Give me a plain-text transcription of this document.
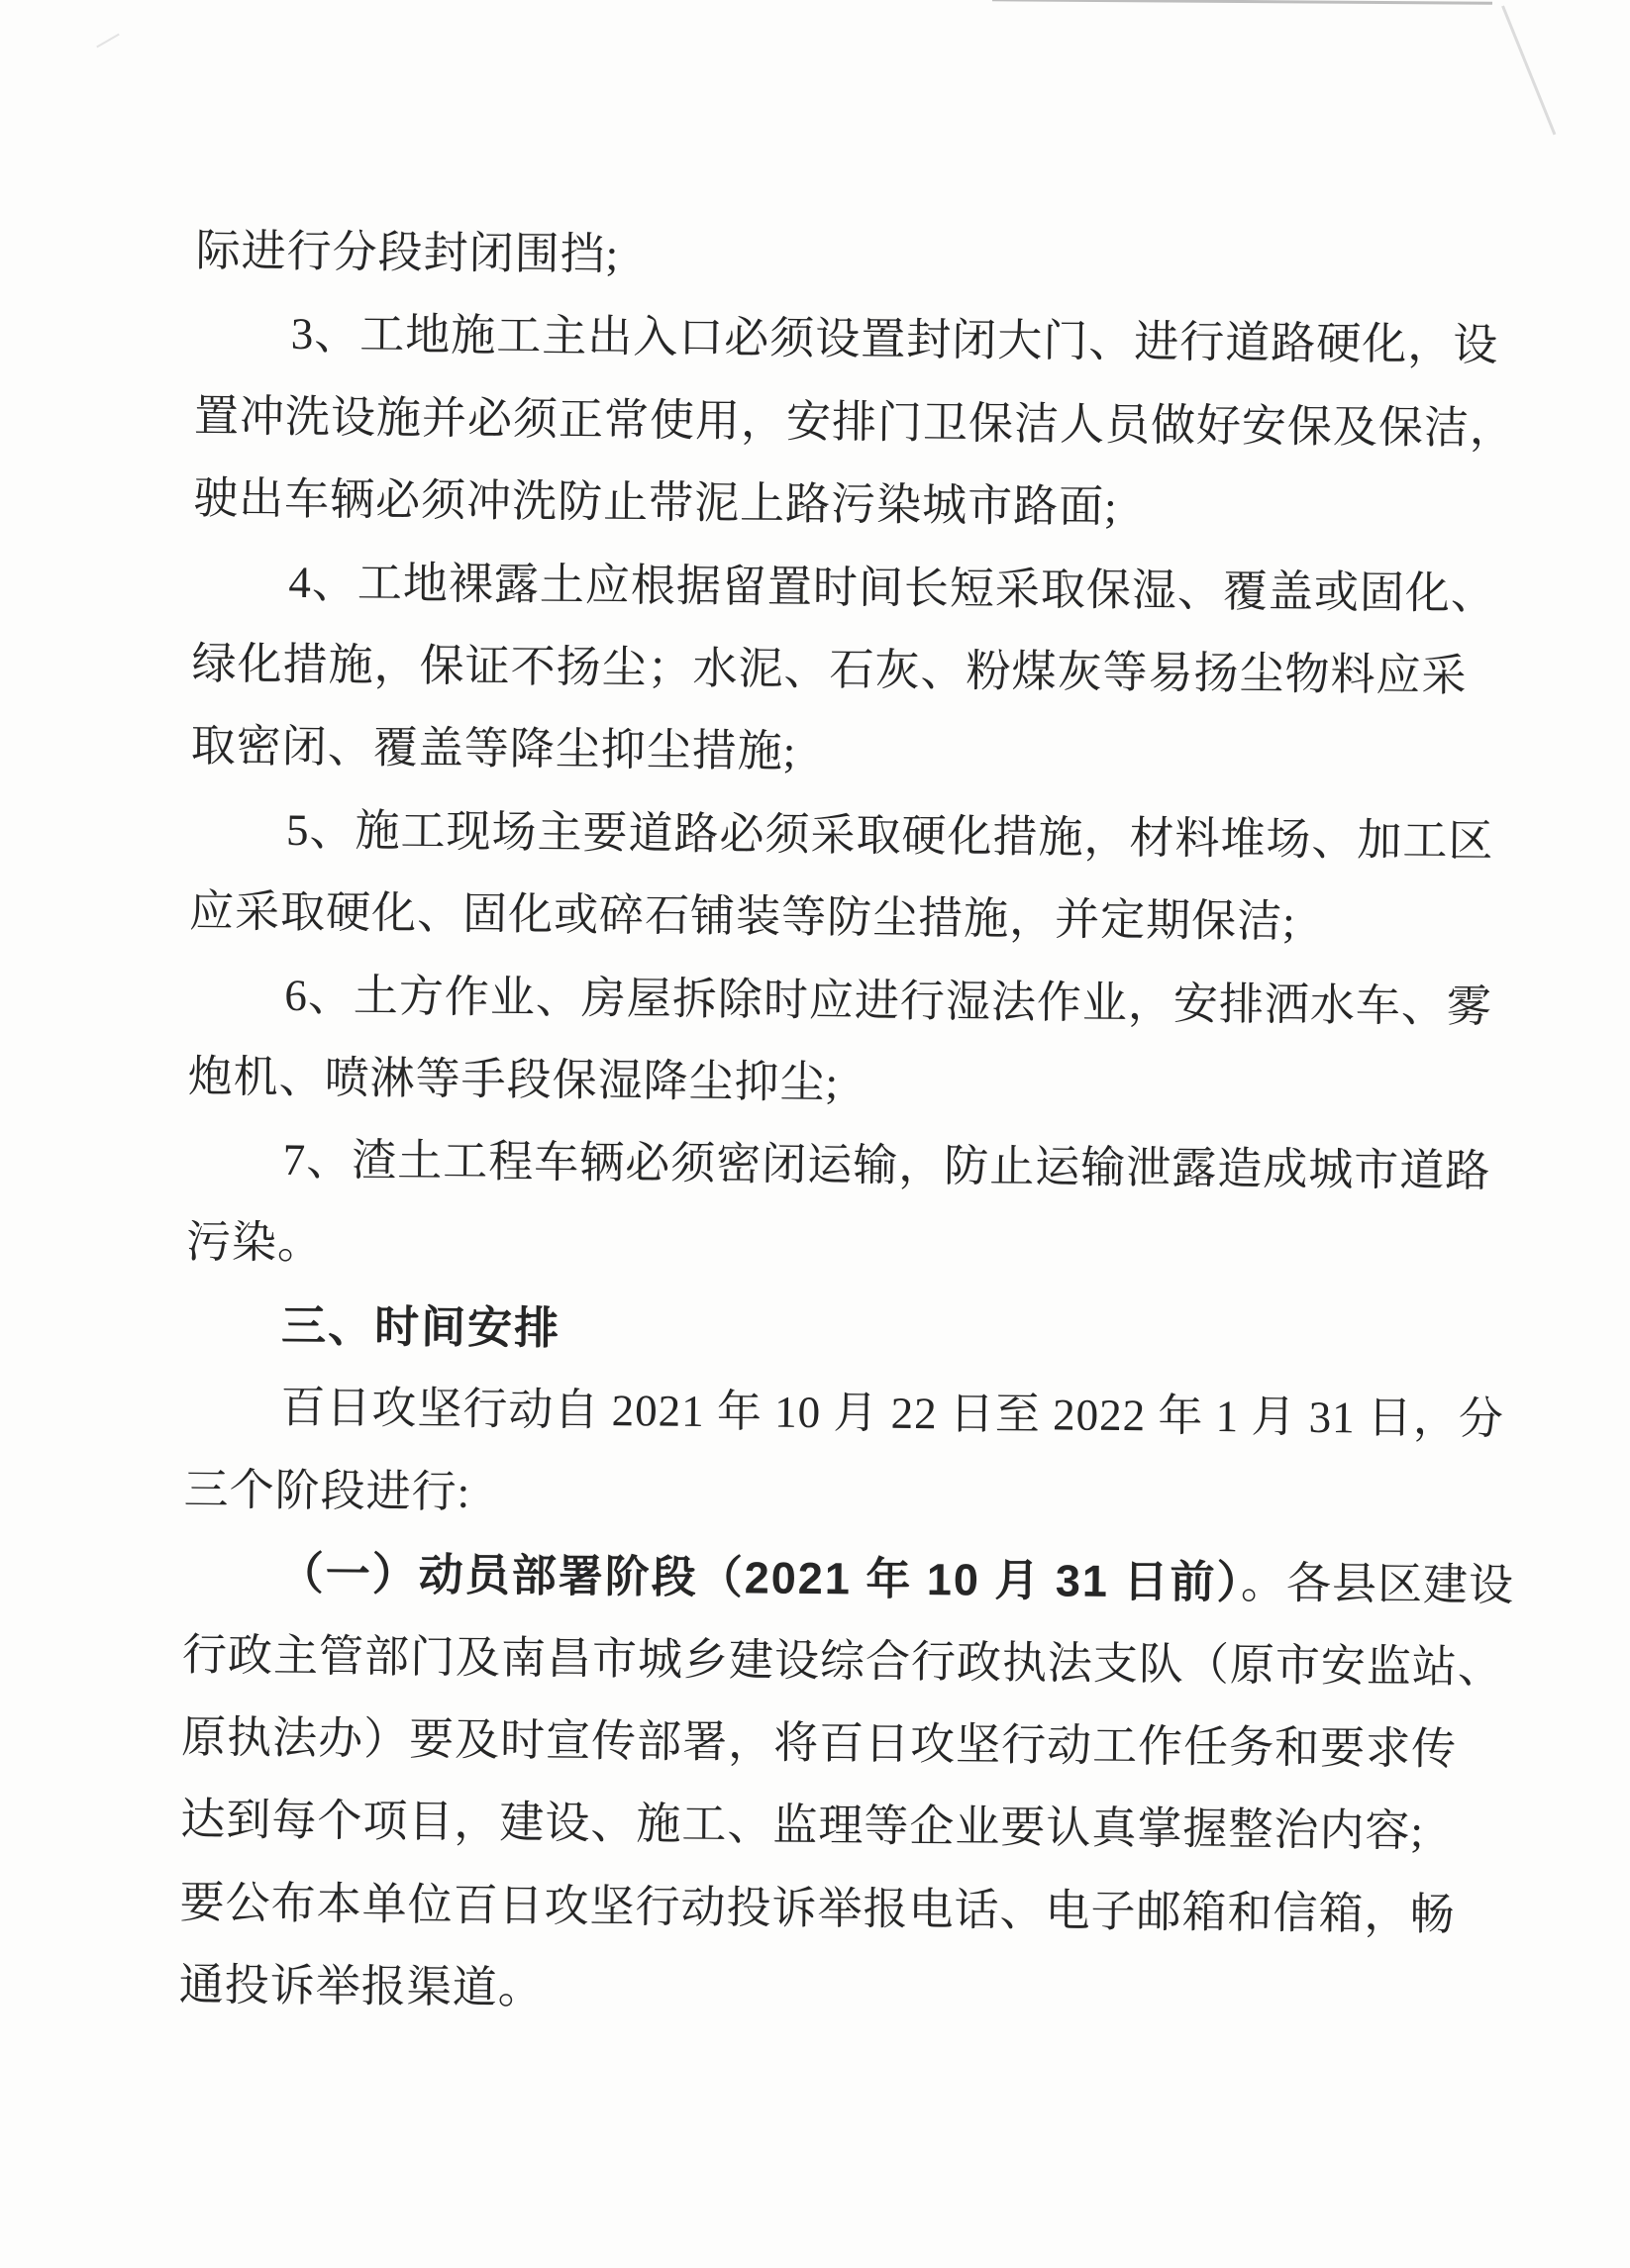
际进行分段封闭围挡;
3、工地施工主出入口必须设置封闭大门、进行道路硬化，设
置冲洗设施并必须正常使用，安排门卫保洁人员做好安保及保洁，
驶出车辆必须冲洗防止带泥上路污染城市路面;
4、工地裸露土应根据留置时间长短采取保湿、覆盖或固化、
绿化措施，保证不扬尘；水泥、石灰、粉煤灰等易扬尘物料应采
取密闭、覆盖等降尘抑尘措施;
5、施工现场主要道路必须采取硬化措施，材料堆场、加工区
应采取硬化、固化或碎石铺装等防尘措施，并定期保洁;
6、土方作业、房屋拆除时应进行湿法作业，安排洒水车、雾
炮机、喷淋等手段保湿降尘抑尘;
7、渣土工程车辆必须密闭运输，防止运输泄露造成城市道路
污染。
三、时间安排
百日攻坚行动自 2021 年 10 月 22 日至 2022 年 1 月 31 日，分
三个阶段进行:
（一）动员部署阶段（2021 年 10 月 31 日前）。各县区建设
行政主管部门及南昌市城乡建设综合行政执法支队（原市安监站、
原执法办）要及时宣传部署，将百日攻坚行动工作任务和要求传
达到每个项目，建设、施工、监理等企业要认真掌握整治内容;
要公布本单位百日攻坚行动投诉举报电话、电子邮箱和信箱，畅
通投诉举报渠道。
